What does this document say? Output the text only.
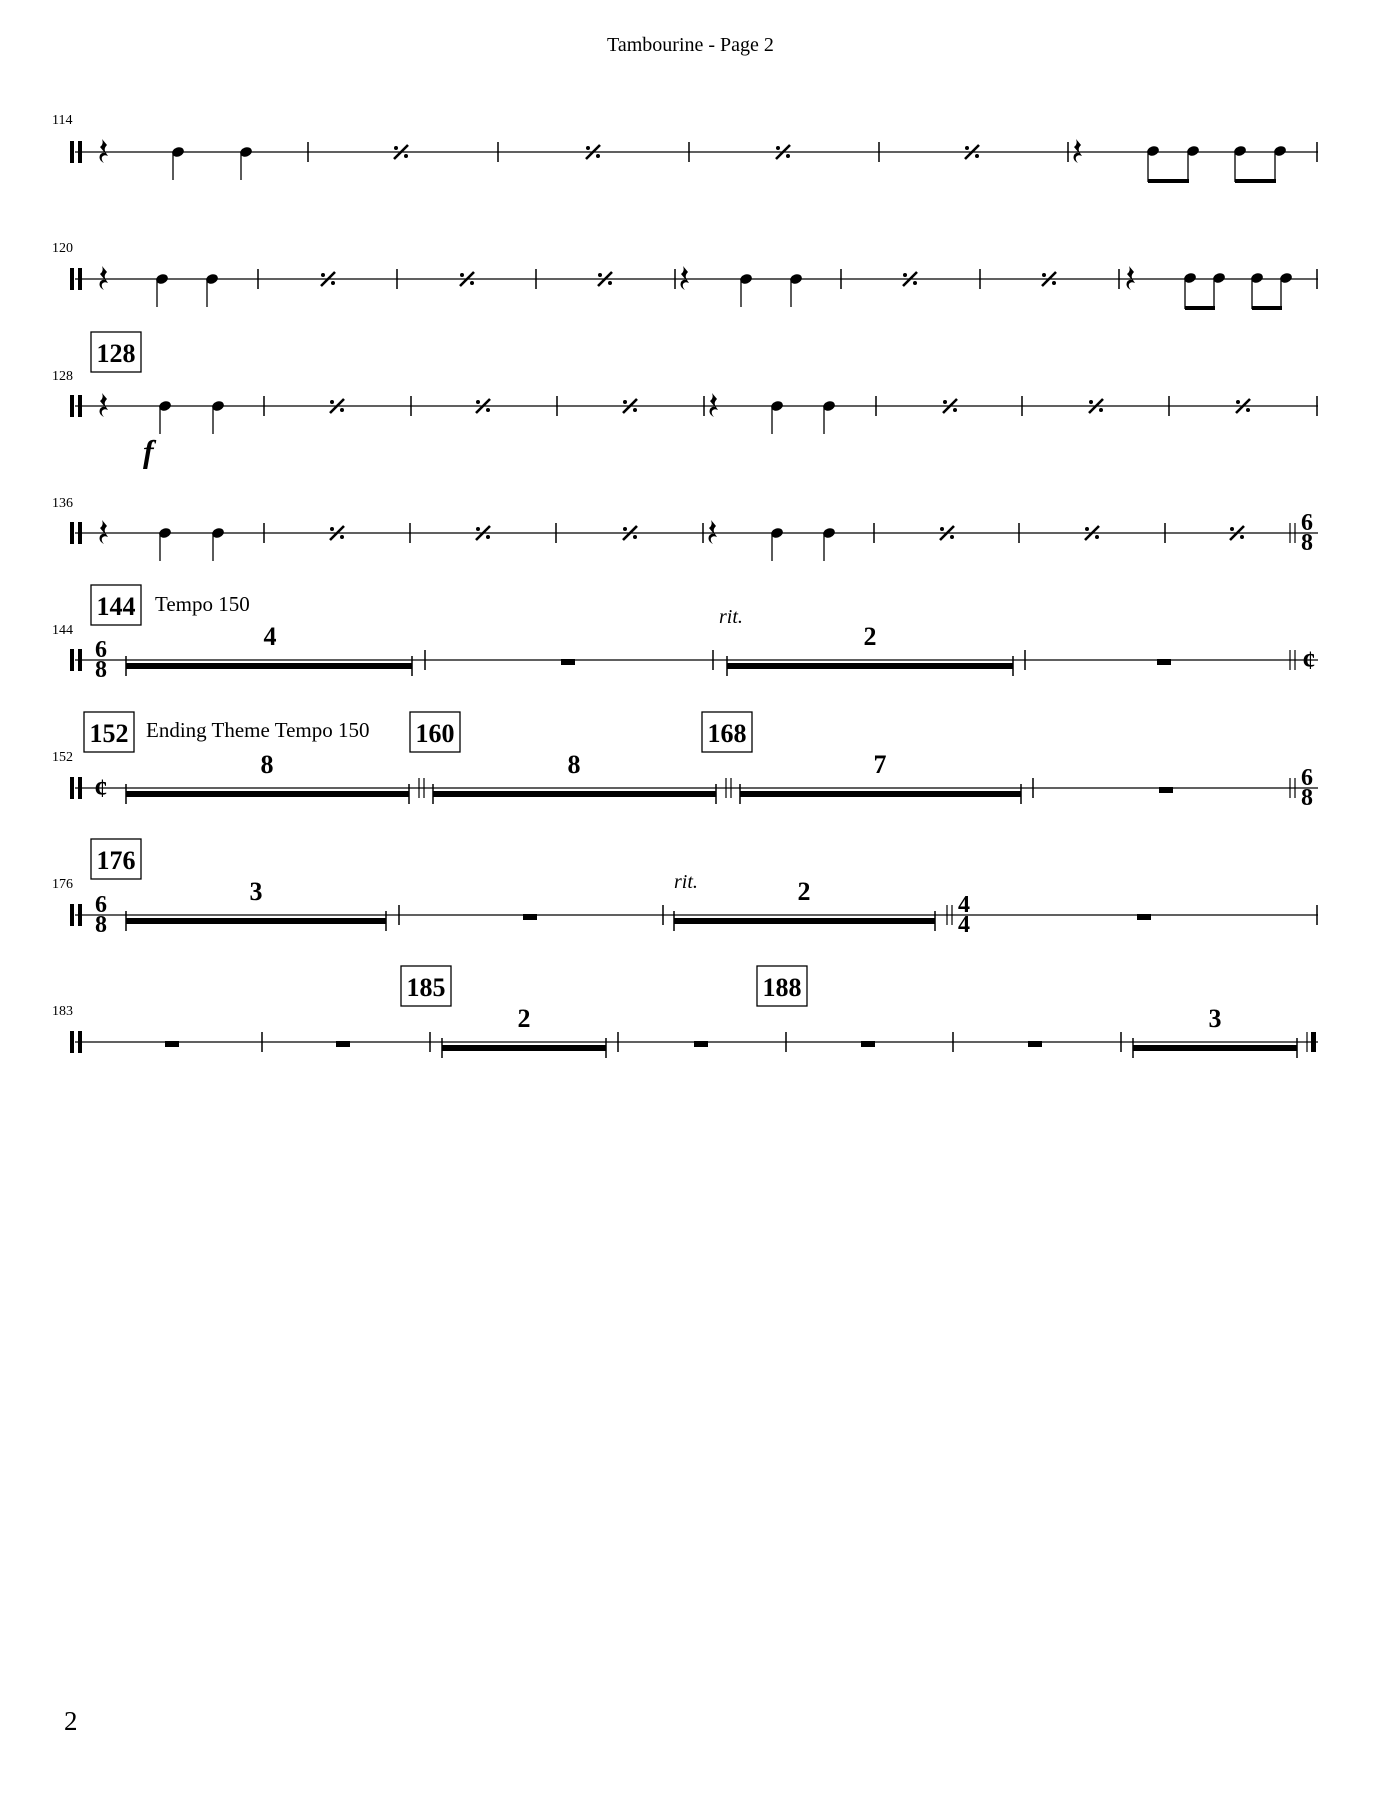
Tambourine - Page 2
114
120
128
128
f
136
6
8
144 Tempo 150
144
6
8
4
rit.
2
¢
152 Ending Theme Tempo 150 160	168
152
¢
8	8	7	6
8
176
176
6
8
3	rit.	2	4
4
185	188
183	2	3
2
